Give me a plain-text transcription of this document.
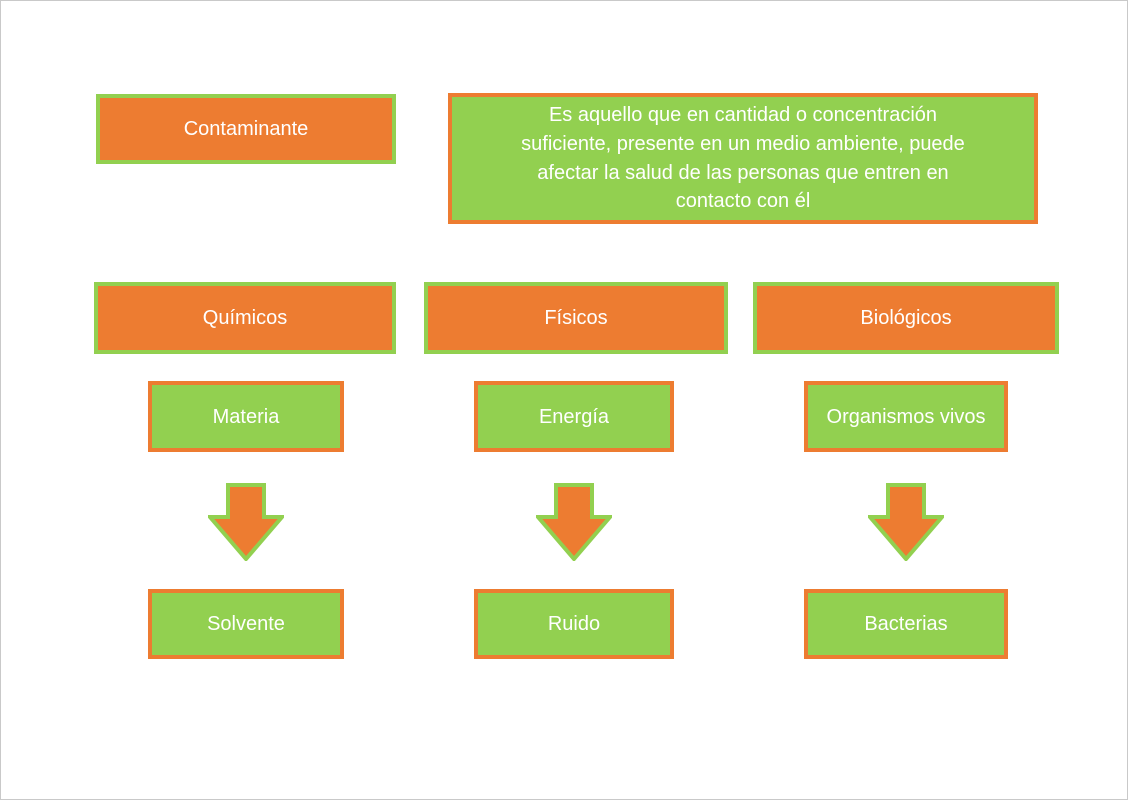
Contaminante
Es aquello que en cantidad o concentración suficiente, presente en un medio ambiente, puede afectar la salud de las personas que entren en contacto con él
Químicos
Materia
Solvente
Físicos
Energía
Ruido
Biológicos
Organismos vivos
Bacterias
